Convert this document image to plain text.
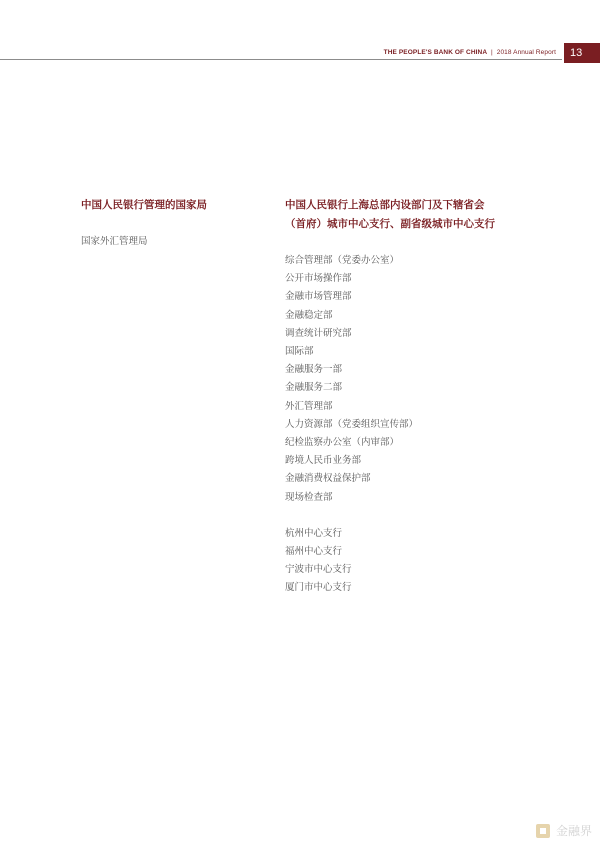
THE PEOPLE'S BANK OF CHINA | 2018 Annual Report	13
中国人民银行管理的国家局
国家外汇管理局
中国人民银行上海总部内设部门及下辖省会
（首府）城市中心支行、副省级城市中心支行
综合管理部（党委办公室）
公开市场操作部
金融市场管理部
金融稳定部
调查统计研究部
国际部
金融服务一部
金融服务二部
外汇管理部
人力资源部（党委组织宣传部）
纪检监察办公室（内审部）
跨境人民币业务部
金融消费权益保护部
现场检查部
杭州中心支行
福州中心支行
宁波市中心支行
厦门市中心支行
金融界
